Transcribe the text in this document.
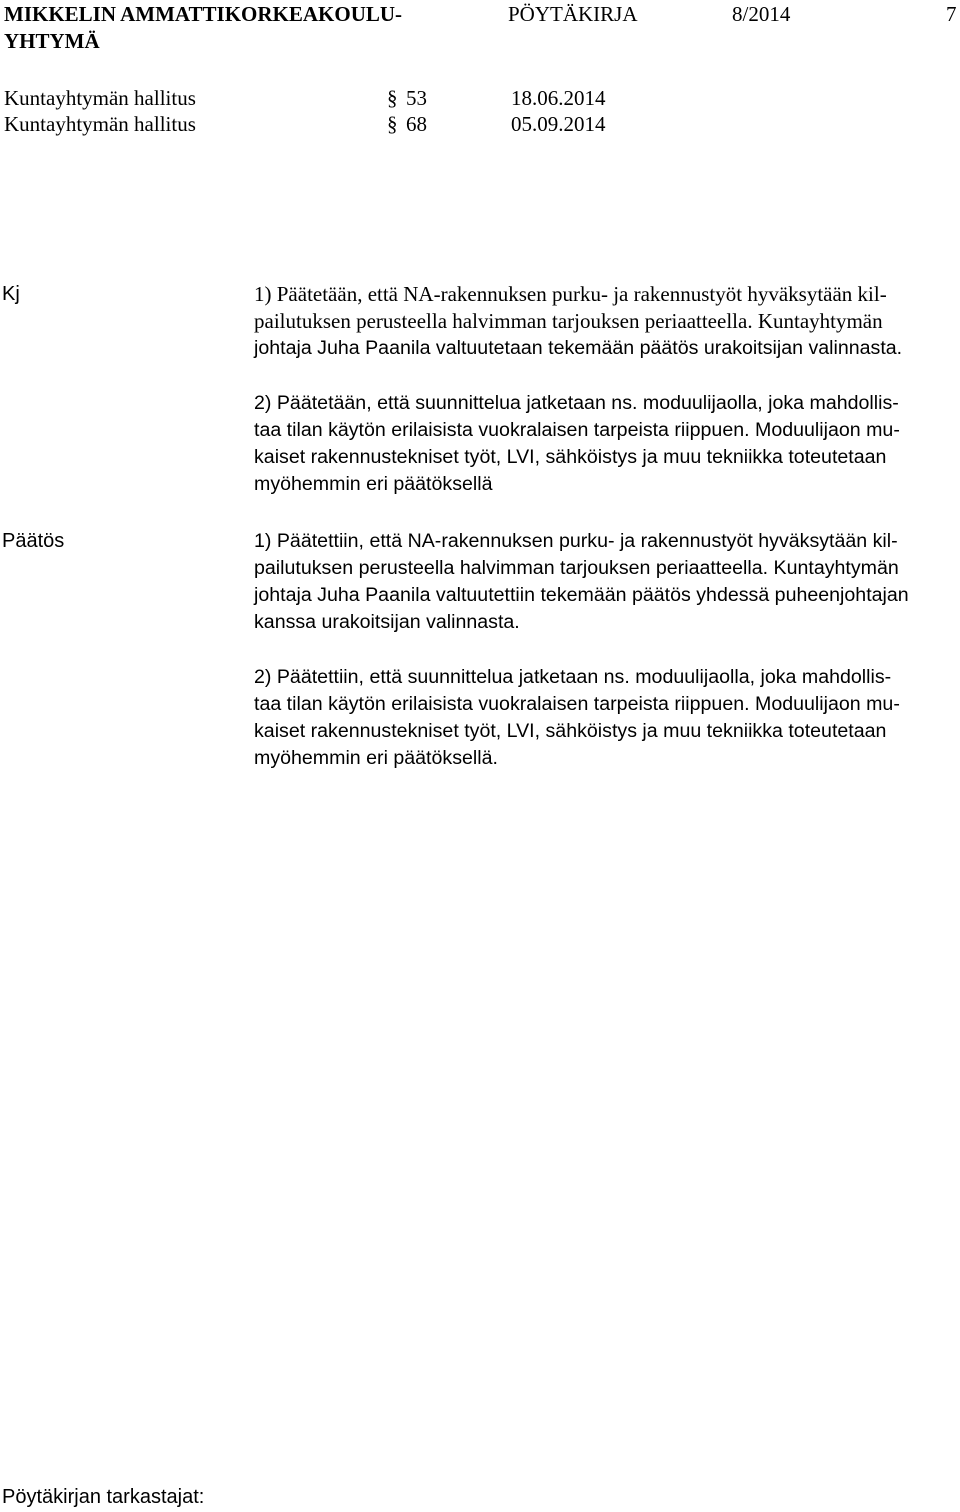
MIKKELIN AMMATTIKORKEAKOULU-
YHTYMÄ
PÖYTÄKIRJA	8/2014	7
Kuntayhtymän hallitus	§ 53	18.06.2014
Kuntayhtymän hallitus	§ 68	05.09.2014
Kj	1) Päätetään, että NA-rakennuksen purku- ja rakennustyöt hyväksytään kil-
pailutuksen perusteella halvimman tarjouksen periaatteella. Kuntayhtymän
johtaja Juha Paanila valtuutetaan tekemään päätös urakoitsijan valinnasta.
2) Päätetään, että suunnittelua jatketaan ns. moduulijaolla, joka mahdollis-
taa tilan käytön erilaisista vuokralaisen tarpeista riippuen. Moduulijaon mu-
kaiset rakennustekniset työt, LVI, sähköistys ja muu tekniikka toteutetaan
myöhemmin eri päätöksellä
Päätös	1) Päätettiin, että NA-rakennuksen purku- ja rakennustyöt hyväksytään kil-
pailutuksen perusteella halvimman tarjouksen periaatteella. Kuntayhtymän
johtaja Juha Paanila valtuutettiin tekemään päätös yhdessä puheenjohtajan
kanssa urakoitsijan valinnasta.
2) Päätettiin, että suunnittelua jatketaan ns. moduulijaolla, joka mahdollis-
taa tilan käytön erilaisista vuokralaisen tarpeista riippuen. Moduulijaon mu-
kaiset rakennustekniset työt, LVI, sähköistys ja muu tekniikka toteutetaan
myöhemmin eri päätöksellä.
Pöytäkirjan tarkastajat:
